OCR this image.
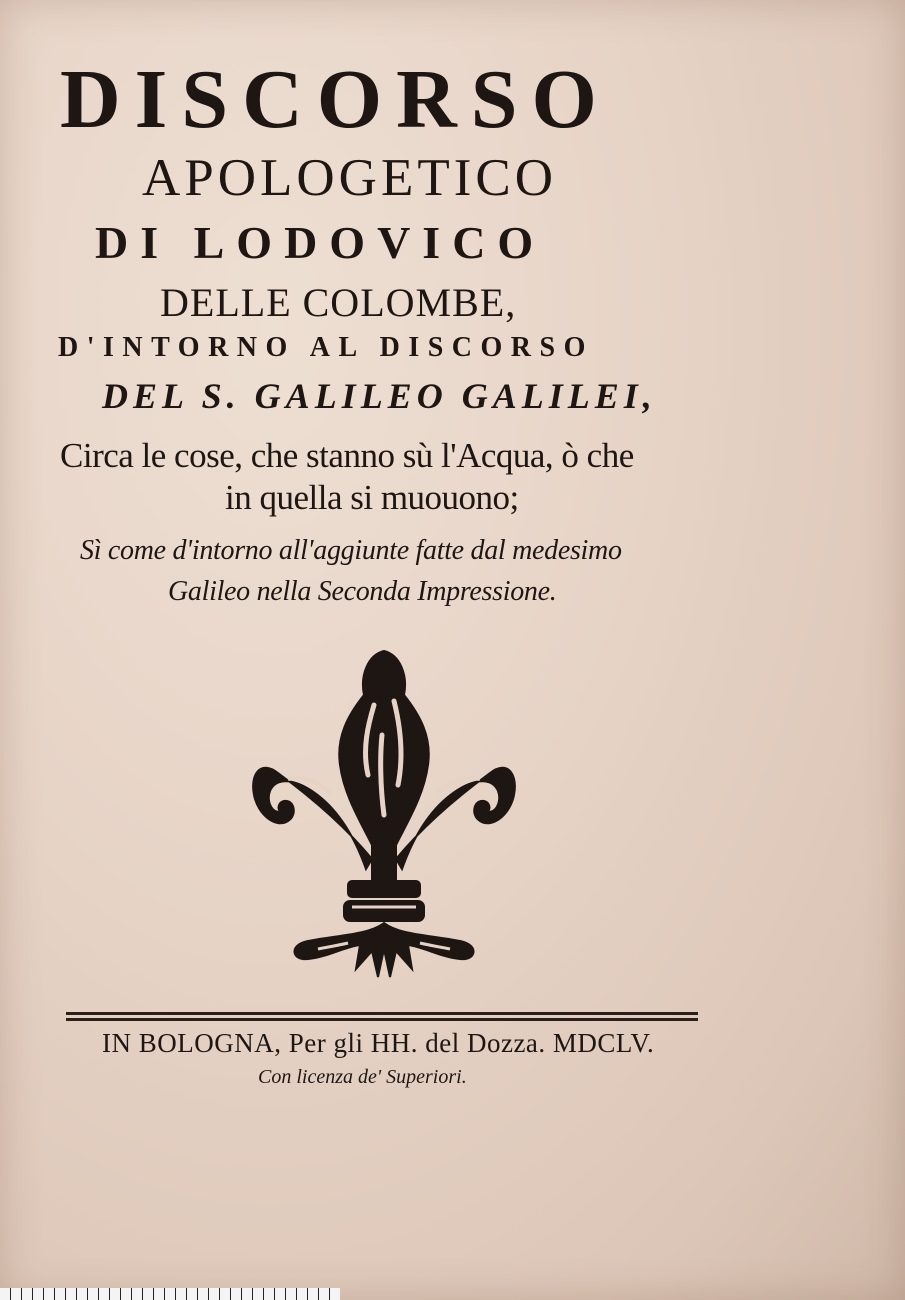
DISCORSO
APOLOGETICO
DI LODOVICO
DELLE COLOMBE,
D'INTORNO AL DISCORSO
DEL S. GALILEO GALILEI,
Circa le cose, che stanno sù l'Acqua, ò che
in quella si muouono;
Sì come d'intorno all'aggiunte fatte dal medesimo
Galileo nella Seconda Impressione.
IN BOLOGNA, Per gli HH. del Dozza. MDCLV.
Con licenza de' Superiori.
